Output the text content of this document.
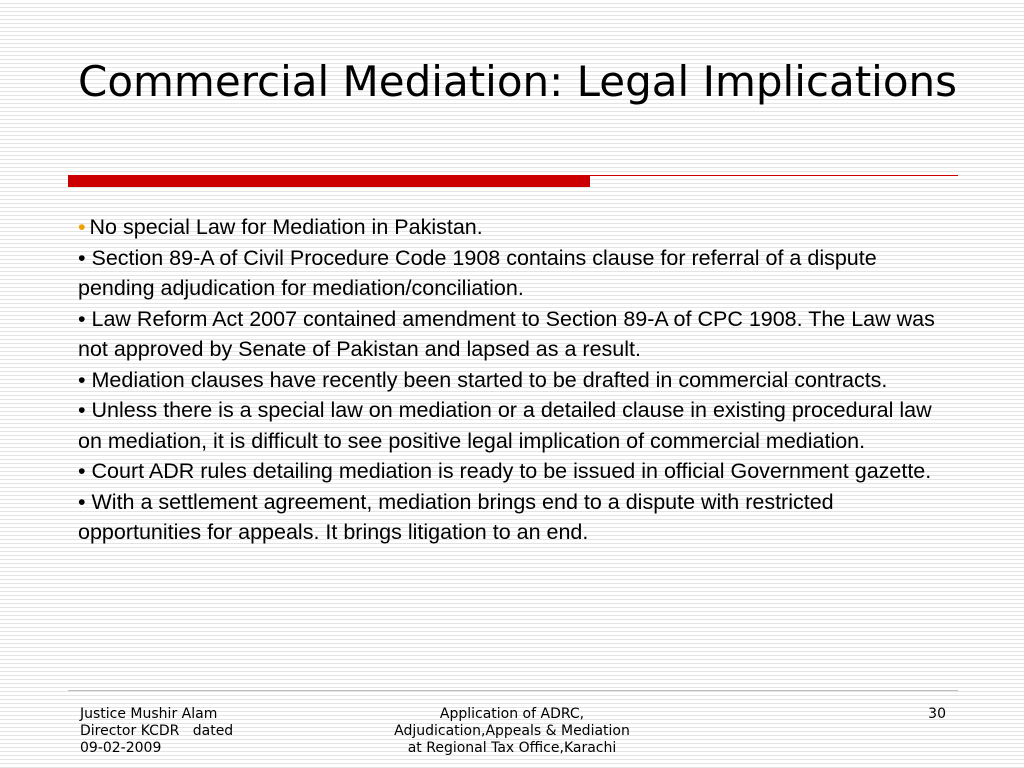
Commercial Mediation: Legal Implications

• No special Law for Mediation in Pakistan.

• Section 89-A of Civil Procedure Code 1908 contains clause for referral of a dispute pending adjudication for mediation/conciliation.

• Law Reform Act 2007 contained amendment to Section 89-A of CPC 1908. The Law was not approved by Senate of Pakistan and lapsed as a result.

• Mediation clauses have recently been started to be drafted in commercial contracts.

• Unless there is a special law on mediation or a detailed clause in existing procedural law on mediation, it is difficult to see positive legal implication of commercial mediation.

• Court ADR rules detailing mediation is ready to be issued in official Government gazette.

• With a settlement agreement, mediation brings end to a dispute with restricted opportunities for appeals. It brings litigation to an end.

Justice Mushir Alam
Director KCDR   dated
09-02-2009
Application of ADRC,
Adjudication,Appeals & Mediation
at Regional Tax Office,Karachi
30
